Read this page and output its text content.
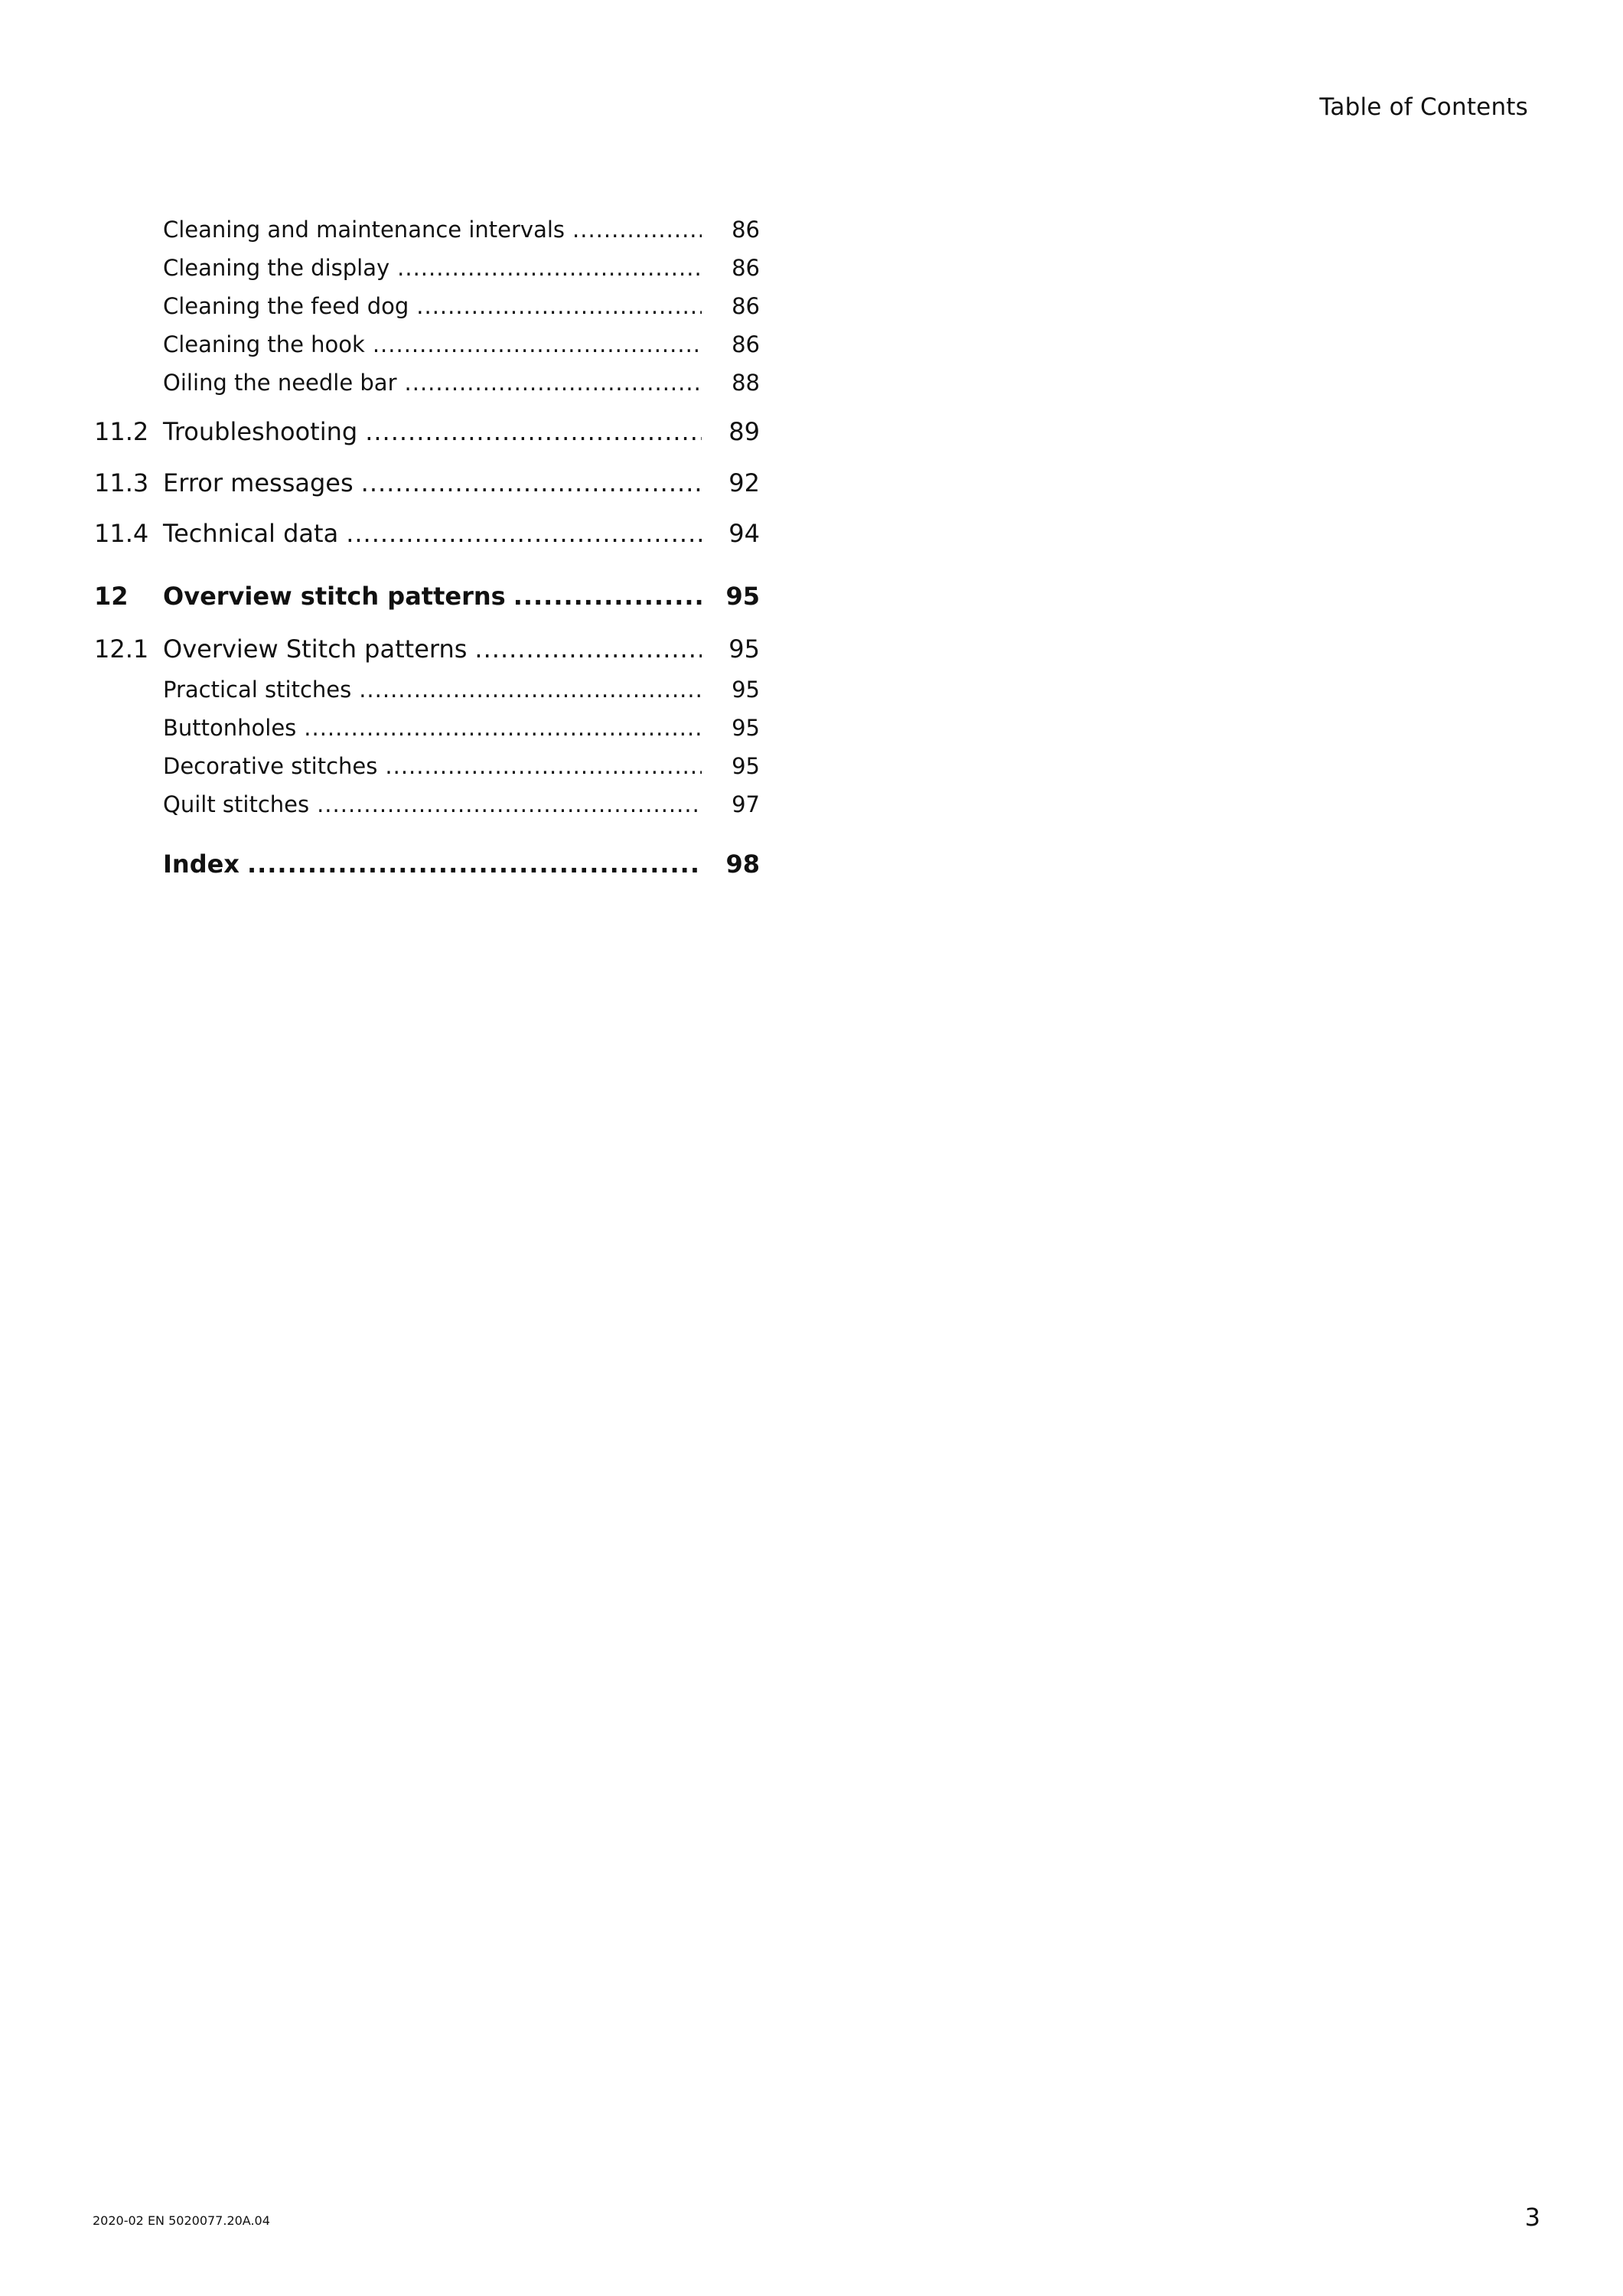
Table of Contents
Cleaning and maintenance intervals .....	86
Cleaning the display .....	86
Cleaning the feed dog .....	86
Cleaning the hook .....	86
Oiling the needle bar .....	88
11.2 Troubleshooting .....	89
11.3 Error messages .....	92
11.4 Technical data .....	94
12 Overview stitch patterns .....	95
12.1 Overview Stitch patterns .....	95
Practical stitches .....	95
Buttonholes .....	95
Decorative stitches .....	95
Quilt stitches .....	97
Index .....	98
2020-02 EN 5020077.20A.04	3
